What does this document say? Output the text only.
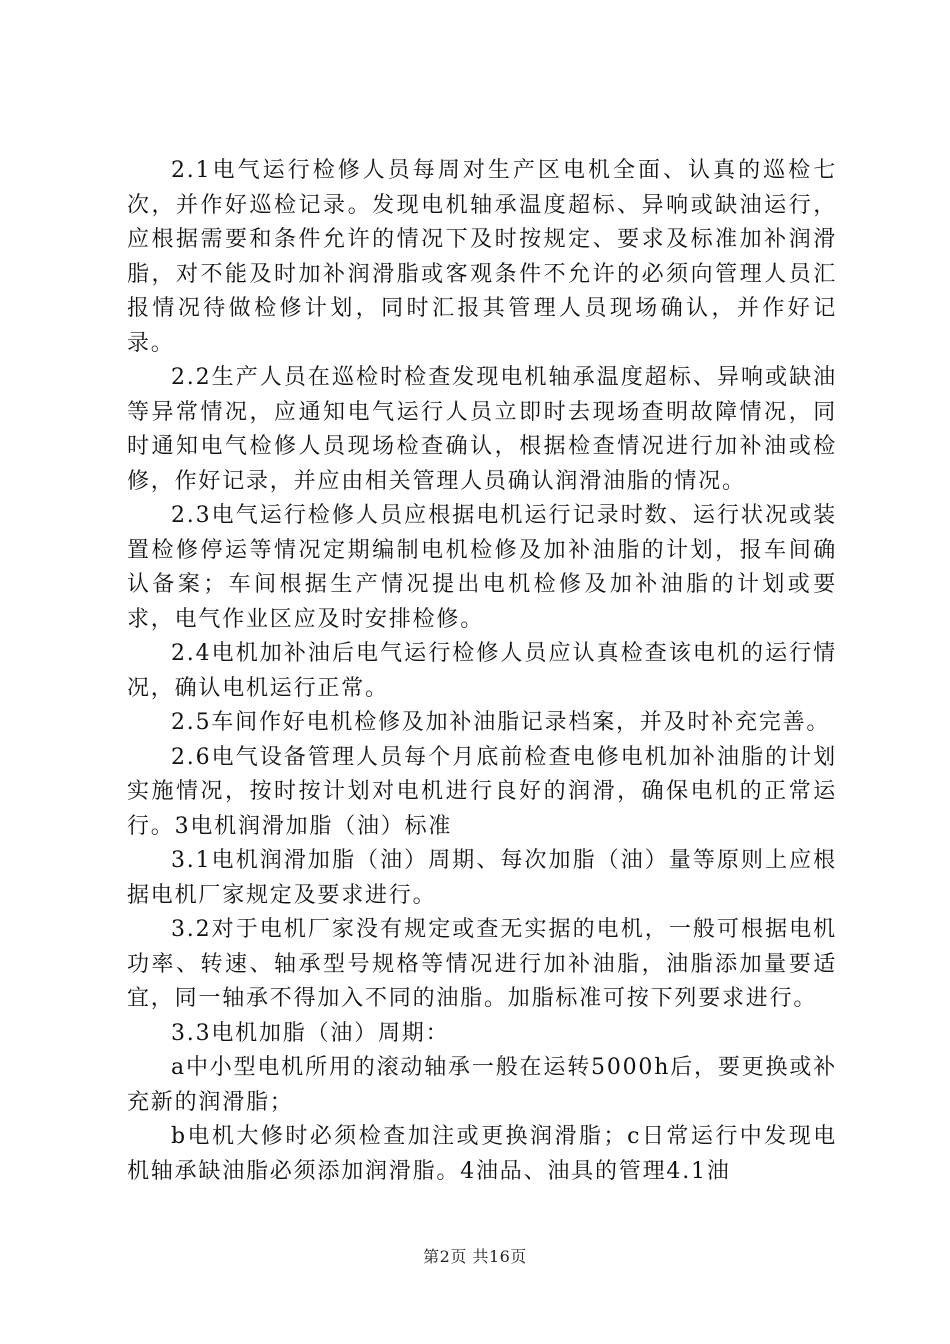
2.1电气运行检修人员每周对生产区电机全面、认真的巡检七次，并作好巡检记录。发现电机轴承温度超标、异响或缺油运行，应根据需要和条件允许的情况下及时按规定、要求及标准加补润滑脂，对不能及时加补润滑脂或客观条件不允许的必须向管理人员汇报情况待做检修计划，同时汇报其管理人员现场确认，并作好记录。

2.2生产人员在巡检时检查发现电机轴承温度超标、异响或缺油等异常情况，应通知电气运行人员立即时去现场查明故障情况，同时通知电气检修人员现场检查确认，根据检查情况进行加补油或检修，作好记录，并应由相关管理人员确认润滑油脂的情况。

2.3电气运行检修人员应根据电机运行记录时数、运行状况或装置检修停运等情况定期编制电机检修及加补油脂的计划，报车间确认备案；车间根据生产情况提出电机检修及加补油脂的计划或要求，电气作业区应及时安排检修。

2.4电机加补油后电气运行检修人员应认真检查该电机的运行情况，确认电机运行正常。

2.5车间作好电机检修及加补油脂记录档案，并及时补充完善。

2.6电气设备管理人员每个月底前检查电修电机加补油脂的计划实施情况，按时按计划对电机进行良好的润滑，确保电机的正常运行。3电机润滑加脂（油）标准

3.1电机润滑加脂（油）周期、每次加脂（油）量等原则上应根据电机厂家规定及要求进行。

3.2对于电机厂家没有规定或查无实据的电机，一般可根据电机功率、转速、轴承型号规格等情况进行加补油脂，油脂添加量要适宜，同一轴承不得加入不同的油脂。加脂标准可按下列要求进行。

3.3电机加脂（油）周期：

a中小型电机所用的滚动轴承一般在运转5000h后，要更换或补充新的润滑脂；

b电机大修时必须检查加注或更换润滑脂；c日常运行中发现电机轴承缺油脂必须添加润滑脂。4油品、油具的管理4.1油

第2页 共16页
